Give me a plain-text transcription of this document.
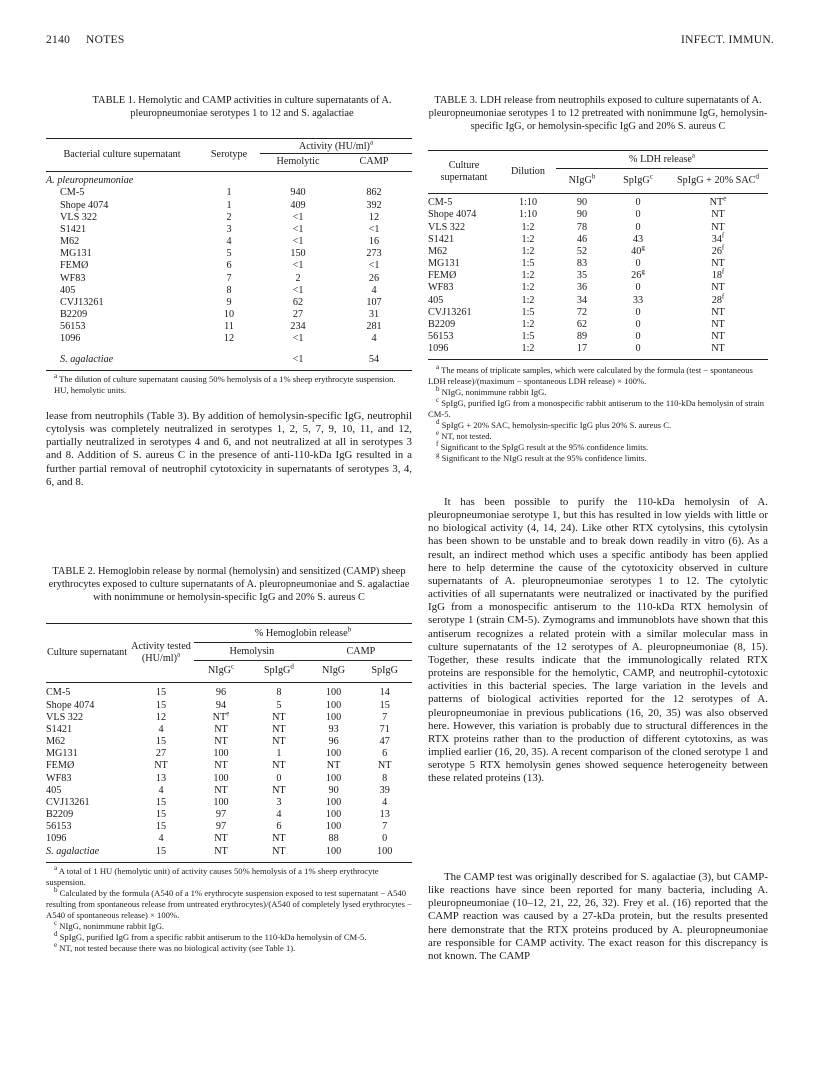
2140 NOTES	INFECT. IMMUN.
TABLE 1. Hemolytic and CAMP activities in culture supernatants of A. pleuropneumoniae serotypes 1 to 12 and S. agalactiae
Bacterial culture supernatant	Serotype	Activity $(HU/ml)^a$
		Hemolytic	CAMP
A. pleuropneumoniae			
CM-5	1	940	862
Shope 4074	1	409	392
VLS 322	2	<1	12
S1421	3	<1	<1
M62	4	<1	16
MG131	5	150	273
FEMØ	6	<1	<1
WF83	7	2	26
405	8	<1	4
CVJ13261	9	62	107
B2209	10	27	31
56153	11	234	281
1096	12	<1	4

S. agalactiae		<1	54

$^a$ The dilution of culture supernatant causing 50% hemolysis of a 1% sheep erythrocyte suspension. HU, hemolytic units.
lease from neutrophils (Table 3). By addition of hemolysin-specific IgG, neutrophil cytolysis was completely neutralized in serotypes 1, 2, 5, 7, 9, 10, 11, and 12, partially neutralized in serotypes 4 and 6, and not neutralized at all in serotypes 3 and 8. Addition of S. aureus C in the presence of anti-110-kDa IgG resulted in a further partial removal of neutrophil cytotoxicity in supernatants of serotypes 3, 4, 6, and 8.
TABLE 2. Hemoglobin release by normal (hemolysin) and sensitized (CAMP) sheep erythrocytes exposed to culture supernatants of A. pleuropneumoniae and S. agalactiae with nonimmune or hemolysin-specific IgG and 20% S. aureus C
Culture supernatant	Activity tested $(HU/ml)^a$	% Hemoglobin release$^b$
		Hemolysin		CAMP	
		NIgG$^c$	SpIgG$^d$	NIgG	SpIgG

CM-5	15	96	8	100	14
Shope 4074	15	94	5	100	15
VLS 322	12	$NT^e$	NT	100	7
S1421	4	NT	NT	93	71
M62	15	NT	NT	96	47
MG131	27	100	1	100	6
FEMØ	NT	NT	NT	NT	NT
WF83	13	100	0	100	8
405	4	NT	NT	90	39
CVJ13261	15	100	3	100	4
B2209	15	97	4	100	13
56153	15	97	6	100	7
1096	4	NT	NT	88	0
S. agalactiae	15	NT	NT	100	100

$^a$ A total of 1 HU (hemolytic unit) of activity causes 50% hemolysis of a 1% sheep erythrocyte suspension.
$^b$ Calculated by the formula (A540 of a 1% erythrocyte suspension exposed to test supernatant − A540 resulting from spontaneous release from untreated erythrocytes)/(A540 of completely lysed erythrocytes − A540 of spontaneous release) × 100%.
$^c$ NIgG, nonimmune rabbit IgG.
$^d$ SpIgG, purified IgG from a specific rabbit antiserum to the 110-kDa hemolysin of CM-5.
$^e$ NT, not tested because there was no biological activity (see Table 1).
TABLE 3. LDH release from neutrophils exposed to culture supernatants of A. pleuropneumoniae serotypes 1 to 12 pretreated with nonimmune IgG, hemolysin-specific IgG, or hemolysin-specific IgG and 20% S. aureus C
Culture supernatant	Dilution	% LDH release$^a$
		NIgG$^b$	SpIgG$^c$	SpIgG + 20% SAC$^d$

CM-5	1:10	90	0	$NT^e$
Shope 4074	1:10	90	0	NT
VLS 322	1:2	78	0	NT
S1421	1:2	46	43	34$^f$
M62	1:2	52	40$^g$	26$^f$
MG131	1:5	83	0	NT
FEMØ	1:2	35	26$^g$	18$^f$
WF83	1:2	36	0	NT
405	1:2	34	33	28$^f$
CVJ13261	1:5	72	0	NT
B2209	1:2	62	0	NT
56153	1:5	89	0	NT
1096	1:2	17	0	NT

$^a$ The means of triplicate samples, which were calculated by the formula (test − spontaneous LDH release)/(maximum − spontaneous LDH release) × 100%.
$^b$ NIgG, nonimmune rabbit IgG.
$^c$ SpIgG, purified IgG from a monospecific rabbit antiserum to the 110-kDa hemolysin of strain CM-5.
$^d$ SpIgG + 20% SAC, hemolysin-specific IgG plus 20% S. aureus C.
$^e$ NT, not tested.
$^f$ Significant to the SpIgG result at the 95% confidence limits.
$^g$ Significant to the NIgG result at the 95% confidence limits.
It has been possible to purify the 110-kDa hemolysin of A. pleuropneumoniae serotype 1, but this has resulted in low yields with little or no biological activity (4, 14, 24). Like other RTX cytolysins, this cytolysin has been shown to be unstable and to break down readily in vitro (6). As a result, an indirect method which uses a specific antibody has been applied here to help determine the cause of the cytotoxicity observed in culture supernatants of A. pleuropneumoniae serotypes 1 to 12. The cytolytic activities of all supernatants were neutralized or inactivated by the purified IgG from a monospecific antiserum to the 110-kDa RTX hemolysin of serotype 1 (strain CM-5). Zymograms and immunoblots have shown that this antiserum recognizes a related protein with a similar molecular mass in culture supernatants of the 12 serotypes of A. pleuropneumoniae (8, 15). Together, these results indicate that the immunologically related RTX proteins are responsible for the hemolytic, CAMP, and neutrophil-cytotoxic activities in this bacterial species. The large variation in the levels and patterns of biological activities reported for the 12 serotypes of A. pleuropneumoniae in previous publications (16, 20, 35) was also observed here. However, this variation is probably due to structural differences in the RTX proteins rather than to the production of different cytotoxins, as was implied earlier (16, 20, 35). A recent comparison of the cloned serotype 1 and serotype 5 RTX hemolysin genes showed sequence heterogeneity between these related proteins (13).
The CAMP test was originally described for S. agalactiae (3), but CAMP-like reactions have since been reported for many bacteria, including A. pleuropneumoniae (10–12, 21, 22, 26, 32). Frey et al. (16) reported that the CAMP reaction was caused by a 27-kDa protein, but the results presented here demonstrate that the RTX proteins produced by A. pleuropneumoniae are responsible for CAMP activity. The exact reason for this discrepancy is not known. The CAMP
